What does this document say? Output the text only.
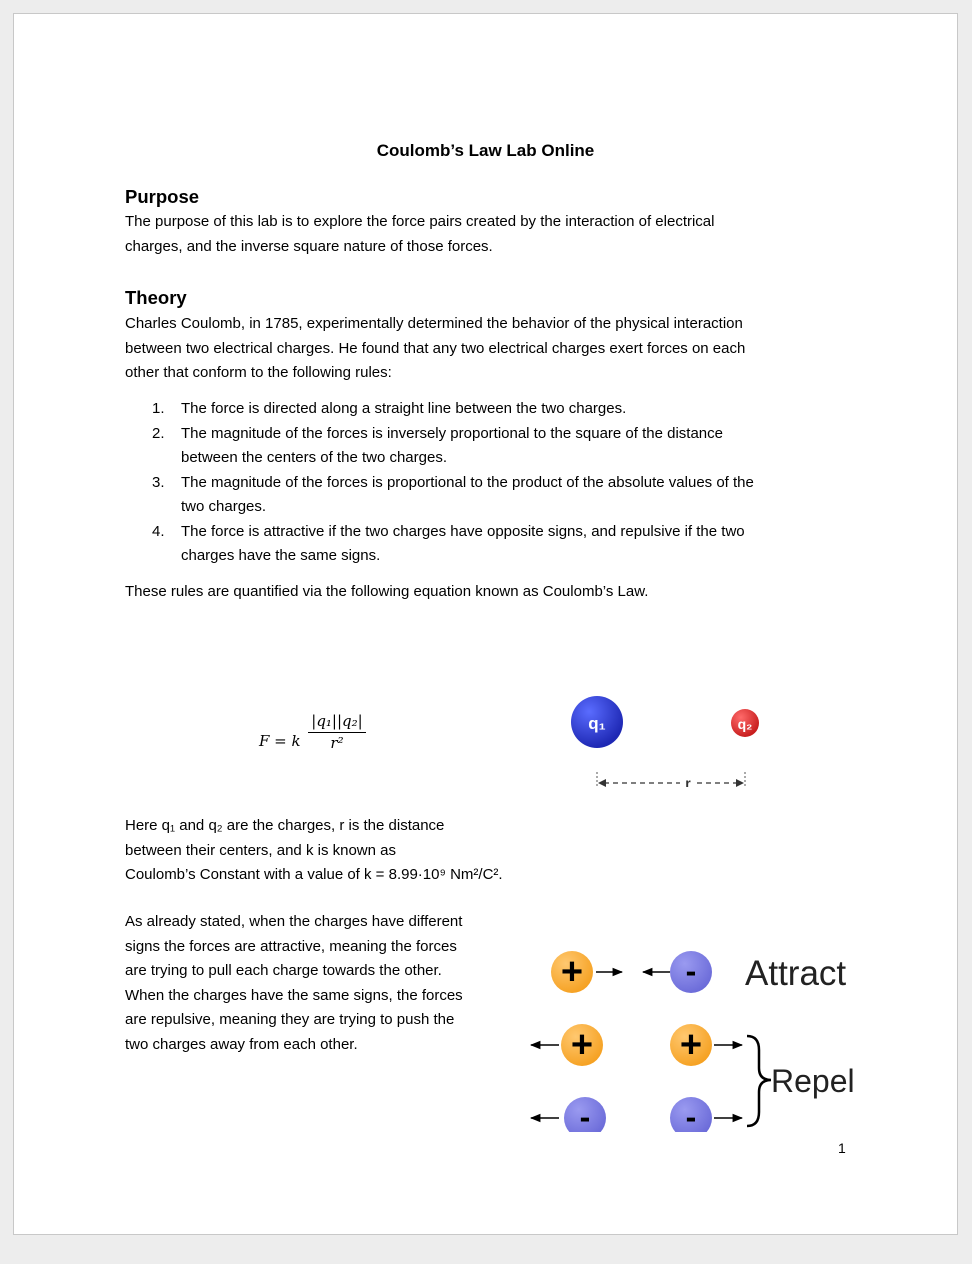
Coulomb’s Law Lab Online
Purpose
The purpose of this lab is to explore the force pairs created by the interaction of electrical
charges, and the inverse square nature of those forces.
Theory
Charles Coulomb, in 1785, experimentally determined the behavior of the physical interaction
between two electrical charges. He found that any two electrical charges exert forces on each
other that conform to the following rules:
1. The force is directed along a straight line between the two charges.
2. The magnitude of the forces is inversely proportional to the square of the distance
between the centers of the two charges.
3. The magnitude of the forces is proportional to the product of the absolute values of the
two charges.
4. The force is attractive if the two charges have opposite signs, and repulsive if the two
charges have the same signs.
These rules are quantified via the following equation known as Coulomb’s Law.
F = k
|q₁||q₂|
r²
q₁	q₂
r
Here q₁ and q₂ are the charges, r is the distance
between their centers, and k is known as
Coulomb’s Constant with a value of k = 8.99·10⁹ Nm²/C².
As already stated, when the charges have different
signs the forces are attractive, meaning the forces
are trying to pull each charge towards the other.
When the charges have the same signs, the forces
are repulsive, meaning they are trying to push the
two charges away from each other.
+	- Attract
+ +
-	-
Repel
1
